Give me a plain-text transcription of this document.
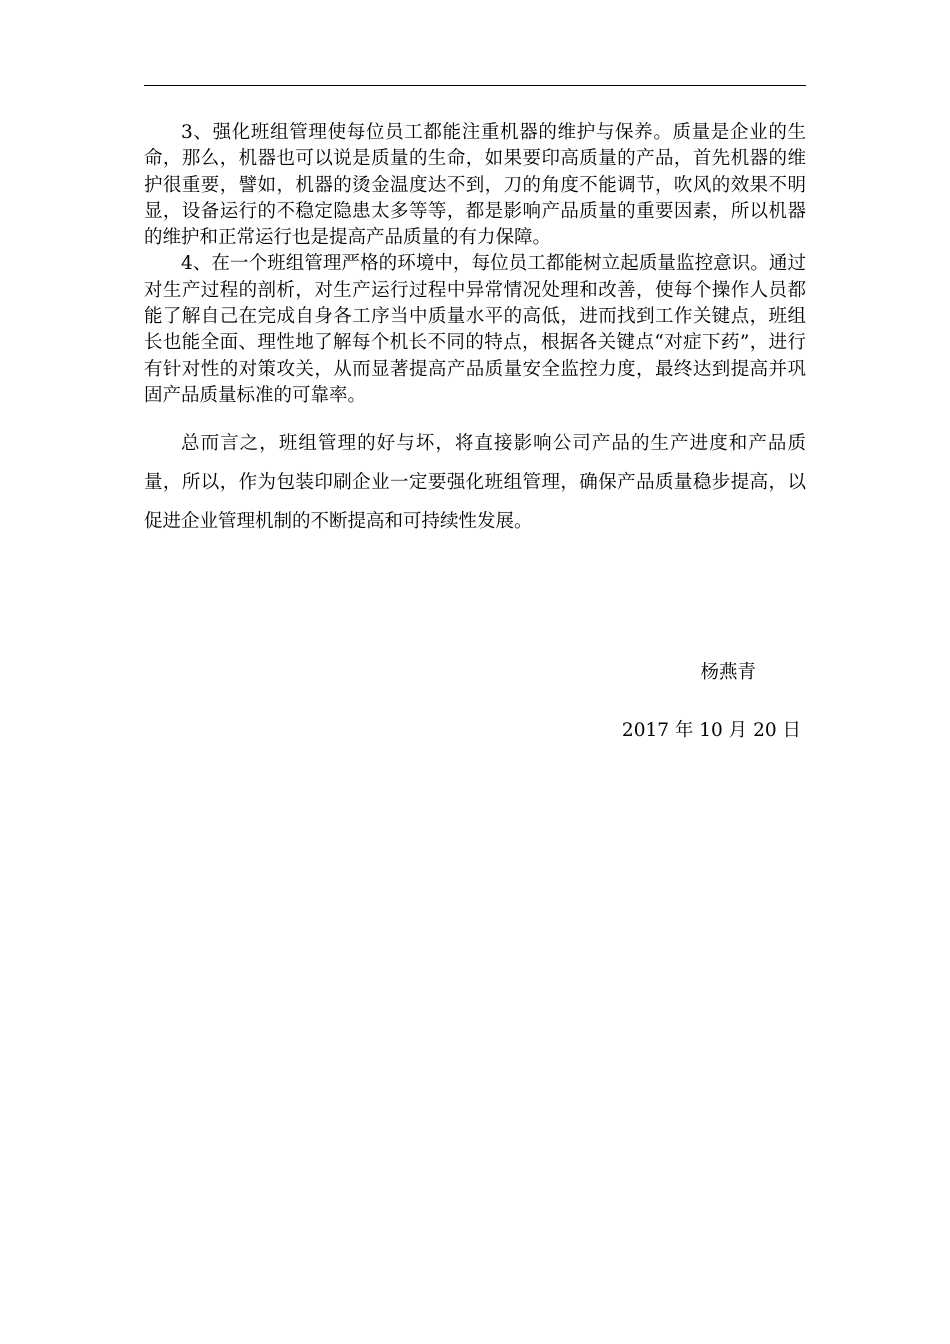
3、强化班组管理使每位员工都能注重机器的维护与保养。质量是企业的生命，那么，机器也可以说是质量的生命，如果要印高质量的产品，首先机器的维护很重要，譬如，机器的烫金温度达不到，刀的角度不能调节，吹风的效果不明显，设备运行的不稳定隐患太多等等，都是影响产品质量的重要因素，所以机器的维护和正常运行也是提高产品质量的有力保障。

4、在一个班组管理严格的环境中，每位员工都能树立起质量监控意识。通过对生产过程的剖析，对生产运行过程中异常情况处理和改善，使每个操作人员都能了解自己在完成自身各工序当中质量水平的高低，进而找到工作关键点，班组长也能全面、理性地了解每个机长不同的特点，根据各关键点“对症下药”，进行有针对性的对策攻关，从而显著提高产品质量安全监控力度，最终达到提高并巩固产品质量标准的可靠率。

总而言之，班组管理的好与坏，将直接影响公司产品的生产进度和产品质量，所以，作为包装印刷企业一定要强化班组管理，确保产品质量稳步提高，以促进企业管理机制的不断提高和可持续性发展。

杨燕青

2017 年 10 月 20 日
